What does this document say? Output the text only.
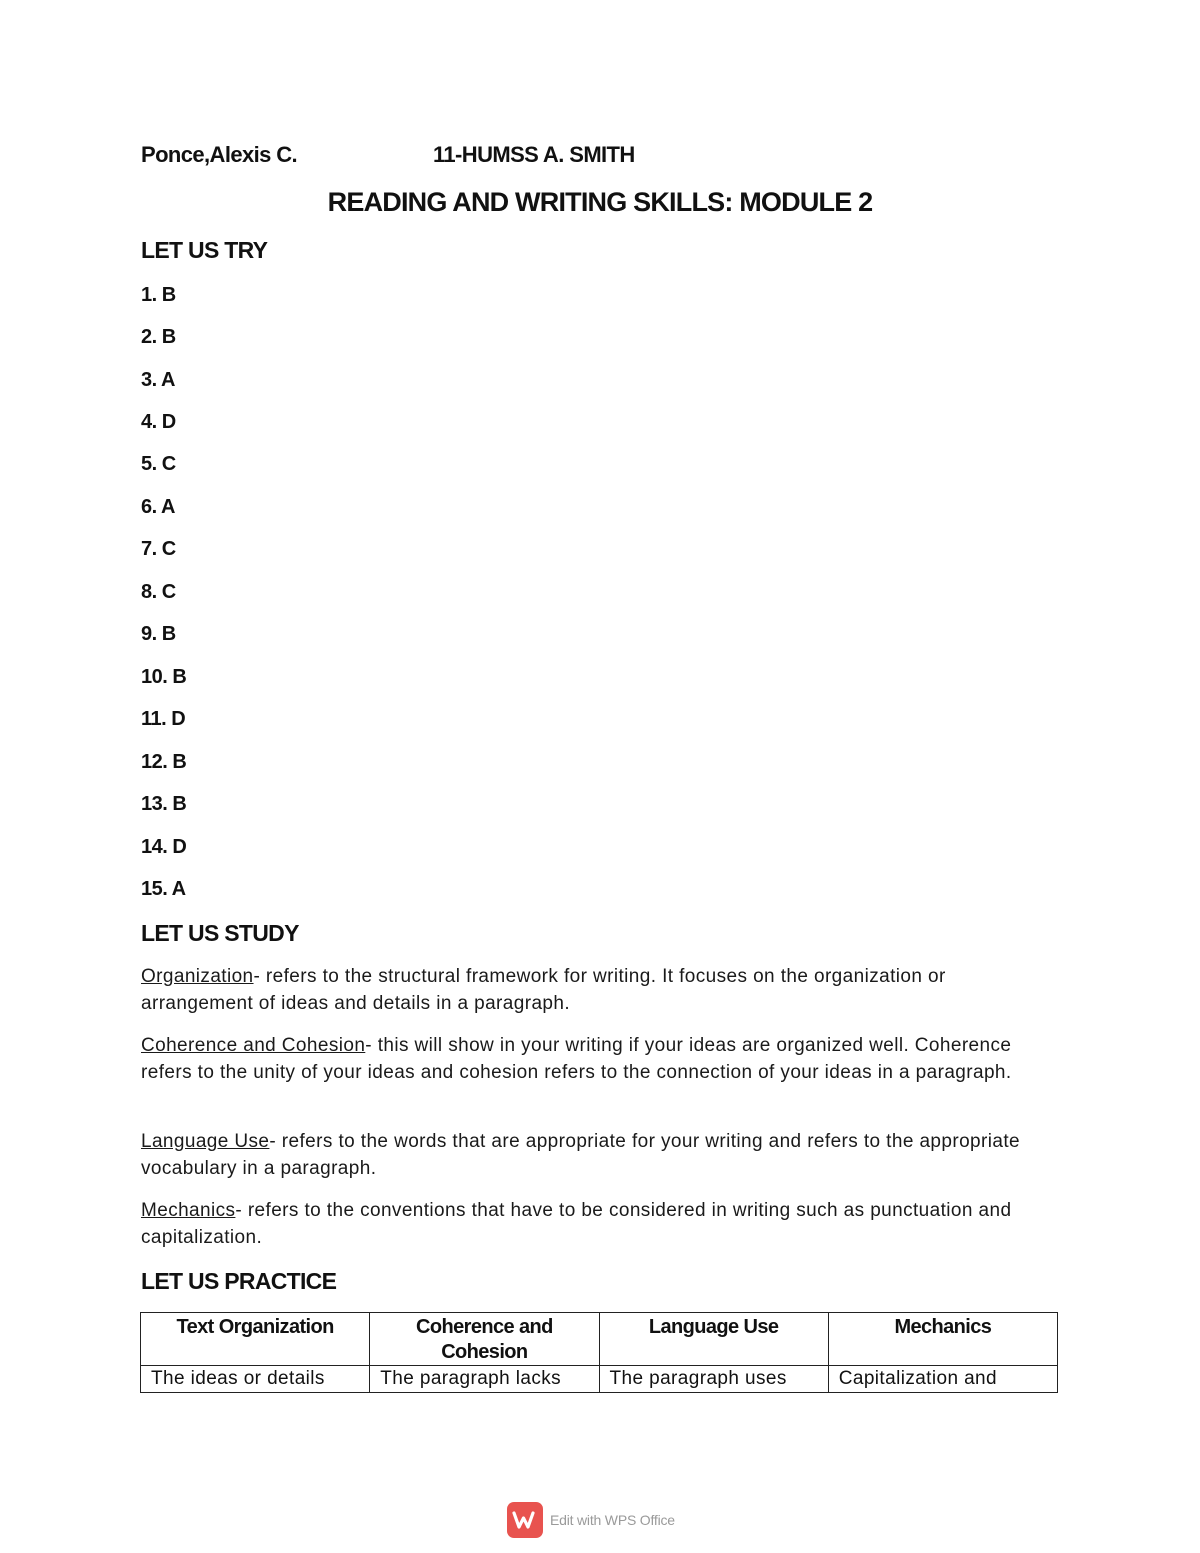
Ponce,Alexis C.	11-HUMSS A. SMITH
READING AND WRITING SKILLS: MODULE 2
LET US TRY
1. B
2. B
3. A
4. D
5. C
6. A
7. C
8. C
9. B
10. B
11. D
12. B
13. B
14. D
15. A
LET US STUDY
Organization- refers to the structural framework for writing. It focuses on the organization or arrangement of ideas and details in a paragraph.
Coherence and Cohesion- this will show in your writing if your ideas are organized well. Coherence refers to the unity of your ideas and cohesion refers to the connection of your ideas in a paragraph.
Language Use- refers to the words that are appropriate for your writing and refers to the appropriate vocabulary in a paragraph.
Mechanics- refers to the conventions that have to be considered in writing such as punctuation and capitalization.
LET US PRACTICE
Text Organization	Coherence and Cohesion	Language Use	Mechanics
The ideas or details	The paragraph lacks	The paragraph uses	Capitalization and
Edit with WPS Office
